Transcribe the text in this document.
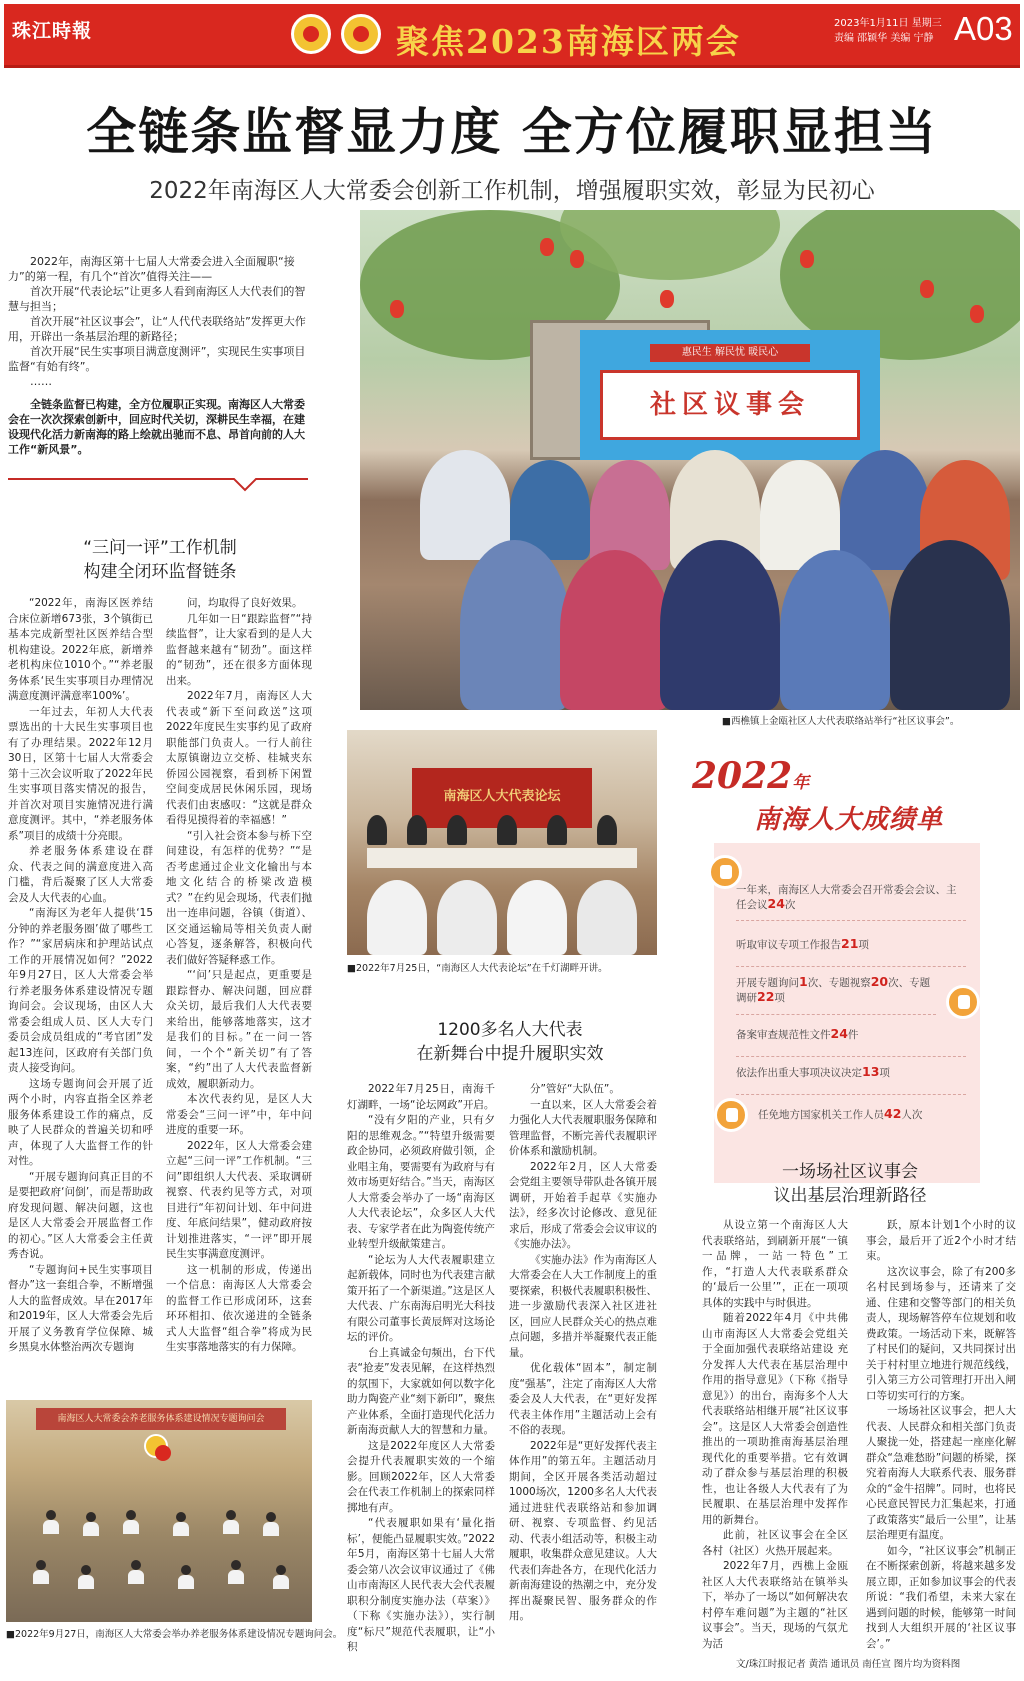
珠江時報	聚焦2023南海区两会	2023年1月11日 星期三
责编 邵颖华 美编 宁静 A03
全链条监督显力度 全方位履职显担当
2022年南海区人大常委会创新工作机制，增强履职实效，彰显为民初心

2022年，南海区第十七届人大常委会进入全面履职“接力”的第一程，有几个“首次”值得关注——

首次开展“代表论坛”让更多人看到南海区人大代表们的智慧与担当；

首次开展“社区议事会”，让“人代代表联络站”发挥更大作用，开辟出一条基层治理的新路径；

首次开展“民生实事项目满意度测评”，实现民生实事项目监督“有始有终”。

……

全链条监督已构建，全方位履职正实现。南海区人大常委会在一次次探索创新中，回应时代关切，深耕民生幸福，在建设现代化活力新南海的路上绘就出驰而不息、昂首向前的人大工作“新风景”。

惠民生 解民忧 暖民心
社区议事会
■西樵镇上金瓯社区人大代表联络站举行“社区议事会”。
“三问一评”工作机制
构建全闭环监督链条

“2022年，南海区医养结合床位新增673张，3个镇街已基本完成新型社区医养结合型机构建设。2022年底，新增养老机构床位1010个。”“养老服务体系‘民生实事项目办理情况满意度测评满意率100%’。

一年过去，年初人大代表票选出的十大民生实事项目也有了办理结果。2022年12月30日，区第十七届人大常委会第十三次会议听取了2022年民生实事项目落实情况的报告，并首次对项目实施情况进行满意度测评。其中，“养老服务体系”项目的成绩十分亮眼。

养老服务体系建设在群众、代表之间的满意度进入高门槛，背后凝聚了区人大常委会及人大代表的心血。

“南海区为老年人提供‘15分钟的养老服务圈’做了哪些工作？”“家居病床和护理站试点工作的开展情况如何？”2022年9月27日，区人大常委会举行养老服务体系建设情况专题询问会。会议现场，由区人大常委会组成人员、区人大专门委员会成员组成的“考官团”发起13连问，区政府有关部门负责人接受询问。

这场专题询问会开展了近两个小时，内容直指全区养老服务体系建设工作的痛点，反映了人民群众的普遍关切和呼声，体现了人大监督工作的针对性。

“开展专题询问真正目的不是要把政府‘问倒’，而是帮助政府发现问题、解决问题，这也是区人大常委会开展监督工作的初心。”区人大常委会主任黄秀杏说。

“专题询问+民生实事项目督办”这一套组合拳，不断增强人大的监督成效。早在2017年和2019年，区人大常委会先后开展了义务教育学位保障、城乡黑臭水体整治两次专题询

问，均取得了良好效果。

几年如一日“跟踪监督”“持续监督”，让大家看到的是人大监督越来越有“韧劲”。面这样的“韧劲”，还在很多方面体现出来。

2022年7月，南海区人大代表或“新下至问政送”这项2022年度民生实事约见了政府职能部门负责人。一行人前往太原镇谢边立交桥、桂城夹东侨园公园视察，看到桥下闲置空间变成居民休闲乐园，现场代表们由衷感叹：“这就是群众看得见摸得着的幸福感！”

“引入社会资本参与桥下空间建设，有怎样的优势？”“是否考虑通过企业文化输出与本地文化结合的桥梁改造模式？”在约见会现场，代表们抛出一连串问题，谷镇（街道）、区交通运输局等相关负责人耐心答复，逐条解答，积极向代表们做好答疑释惑工作。

“‘问’只是起点，更重要是跟踪督办、解决问题，回应群众关切，最后我们人大代表要来给出，能够落地落实，这才是我们的目标。”在一问一答间，一个个“新关切”有了答案，“约”出了人大代表监督新成效，履职新动力。

本次代表约见，是区人大常委会“三问一评”中，年中问进度的重要一环。

2022年，区人大常委会建立起“三问一评”工作机制。“三问”即组织人大代表、采取调研视察、代表约见等方式，对项目进行“年初问计划、年中问进度、年底问结果”，健动政府按计划推进落实，“一评”即开展民生实事满意度测评。

这一机制的形成，传递出一个信息：南海区人大常委会的监督工作已形成闭环，这套环环相扣、依次递进的全链条式人大监督“组合拳”将成为民生实事落地落实的有力保障。

南海区人大代表论坛
■2022年7月25日，“南海区人大代表论坛”在千灯湖畔开讲。
1200多名人大代表
在新舞台中提升履职实效

2022年7月25日，南海千灯湖畔，一场“论坛网政”开启。

“没有夕阳的产业，只有夕阳的思维观念。”“特望升级需要政企协同，必须政府做引领，企业唱主角，要需要有为政府与有效市场更好结合。”当天，南海区人大常委会举办了一场“南海区人大代表论坛”，众多区人大代表、专家学者在此为陶瓷传统产业转型升级献策建言。

“论坛为人大代表履职建立起新载体，同时也为代表建言献策开拓了一个新渠道。”这是区人大代表、广东南海启明光大科技有限公司董事长黄辰辉对这场论坛的评价。

台上真诚金句频出，台下代表“抢麦”发表见解，在这样热烈的氛围下，大家就如何以数字化助力陶瓷产业“刻下新印”，聚焦产业体系，全面打造现代化活力新南海贡献人大的智慧和力量。

这是2022年度区人大常委会提升代表履职实效的一个缩影。回顾2022年，区人大常委会在代表工作机制上的探索同样掷地有声。

“代表履职如果有‘量化指标’，便能凸显履职实效。”2022年5月，南海区第十七届人大常委会第八次会议审议通过了《佛山市南海区人民代表大会代表履职积分制度实施办法（草案）》（下称《实施办法》），实行制度“标尺”规范代表履职，让“小积

分”管好“大队伍”。

一直以来，区人大常委会着力强化人大代表履职服务保障和管理监督，不断完善代表履职评价体系和激励机制。

2022年2月，区人大常委会党组主要领导带队赴各镇开展调研，开始着手起草《实施办法》，经多次讨论修改、意见征求后，形成了常委会会议审议的《实施办法》。

《实施办法》作为南海区人大常委会在人大工作制度上的重要探索，积极代表履职积极性、进一步激励代表深入社区进社区，回应人民群众关心的热点难点问题，多措并举凝聚代表正能量。

优化载体“固本”，制定制度“强基”，注定了南海区人大常委会及人大代表，在“更好发挥代表主体作用”主题活动上会有不俗的表现。

2022年是“更好发挥代表主体作用”的第五年。主题活动月期间，全区开展各类活动超过1000场次，1200多名人大代表通过进驻代表联络站和参加调研、视察、专项监督、约见活动、代表小组活动等，积极主动履职，收集群众意见建议。人大代表们奔赴各方，在现代化活力新南海建设的热潮之中，充分发挥出凝聚民智、服务群众的作用。

2022年
南海人大成绩单
一年来，南海区人大常委会召开常委会会议、主任会议24次
听取审议专项工作报告21项
开展专题询问1次、专题视察20次、专题调研22项
备案审查规范性文件24件
依法作出重大事项决议决定13项
任免地方国家机关工作人员42人次
一场场社区议事会
议出基层治理新路径

从设立第一个南海区人大代表联络站，到刷新开展“一镇一品牌，一站一特色”工作，“打造人大代表联系群众的‘最后一公里’”，正在一项项具体的实践中与时俱进。

随着2022年4月《中共佛山市南海区人大常委会党组关于全面加强代表联络站建设 充分发挥人大代表在基层治理中作用的指导意见》（下称《指导意见》）的出台，南海多个人大代表联络站相继开展“社区议事会”。这是区人大常委会创造性推出的一项助推南海基层治理现代化的重要举措。它有效调动了群众参与基层治理的积极性，也让各级人大代表有了为民履职、在基层治理中发挥作用的新舞台。

此前，社区议事会在全区各村（社区）火热开展起来。

2022年7月，西樵上金瓯社区人大代表联络站在镇举头下，举办了一场以“如何解决农村停车难问题”为主题的“社区议事会”。当天，现场的气氛尤为活

跃，原本计划1个小时的议事会，最后开了近2个小时才结束。

这次议事会，除了有200多名村民到场参与，还请来了交通、住建和交警等部门的相关负责人，现场解答停车位规划和收费政策。一场活动下来，既解答了村民们的疑问，又共同探讨出关于村村里立地进行规范线线，引入第三方公司管理打开出入闸口等切实可行的方案。

一场场社区议事会，把人大代表、人民群众和相关部门负责人聚拢一处，搭建起一座座化解群众“急难愁盼”问题的桥梁，探究着南海人大联系代表、服务群众的“金牛招牌”。同时，也将民心民意民智民力汇集起来，打通了政策落实“最后一公里”，让基层治理更有温度。

如今，“社区议事会”机制正在不断探索创新，将越来越多发展立即，正如参加议事会的代表所说：“我们希望，未来大家在遇到问题的时候，能够第一时间找到人大组织开展的‘社区议事会’。”

南海区人大常委会养老服务体系建设情况专题询问会
■2022年9月27日，南海区人大常委会举办养老服务体系建设情况专题询问会。
文/珠江时报记者 黄浩 通讯员 南任宣 图片均为资料图
